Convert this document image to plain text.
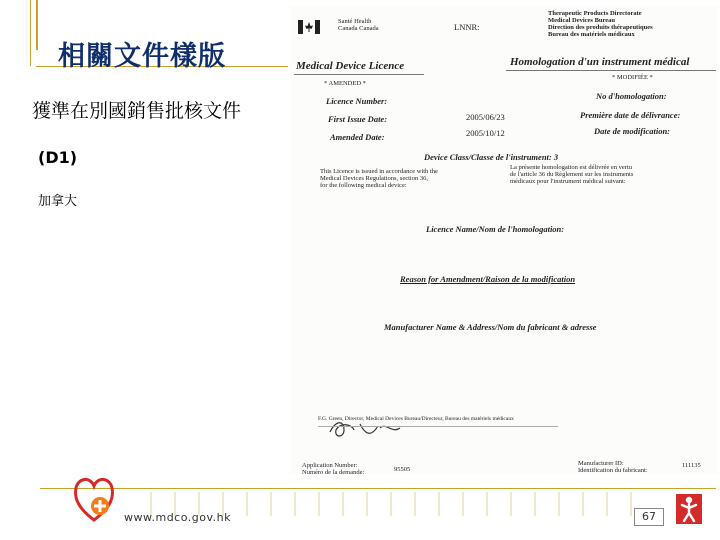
相關文件樣版
獲準在別國銷售批核文件
(D1)
加拿大
Santé Health
Canada Canada	LNNR:
Therapeutic Products Directorate
Medical Devices Bureau
Direction des produits thérapeutiques
Bureau des matériels médicaux
Medical Device Licence	Homologation d'un instrument médical
* AMENDED *
* MODIFIÉE *
Licence Number:	No d'homologation:
First Issue Date:	2005/06/23	Première date de délivrance:
Amended Date:	2005/10/12	Date de modification:
Device Class/Classe de l'instrument: 3
This Licence is issued in accordance with the
Medical Devices Regulations, section 36,
for the following medical device:
La présente homologation est délivrée en vertu
de l'article 36 du Règlement sur les instruments
médicaux pour l'instrument médical suivant:
Licence Name/Nom de l'homologation:
Reason for Amendment/Raison de la modification
Manufacturer Name & Address/Nom du fabricant & adresse
F.G. Green, Director, Medical Devices Bureau/Directeur, Bureau des matériels médicaux
Application Number:
Numéro de la demande:	95505
Manufacturer ID:
Identification du fabricant:
111135
www.mdco.gov.hk	67
